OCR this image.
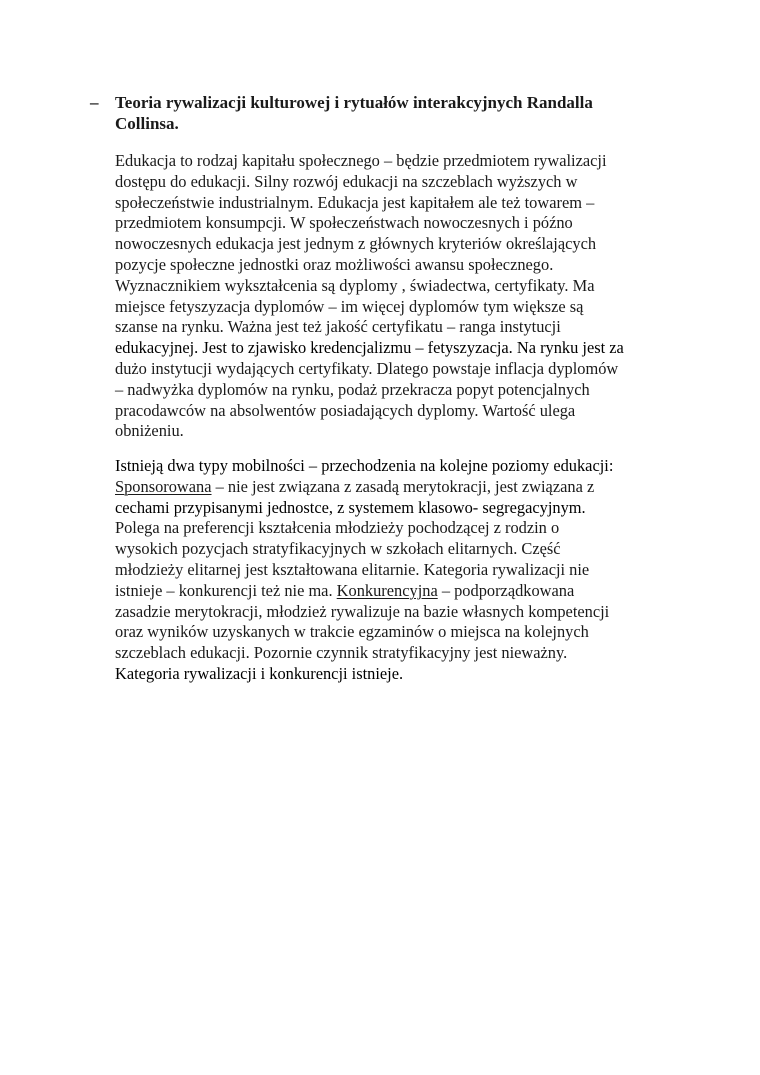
– Teoria rywalizacji kulturowej i rytuałów interakcyjnych Randalla
Collinsa.

Edukacja to rodzaj kapitału społecznego – będzie przedmiotem rywalizacji
dostępu do edukacji. Silny rozwój edukacji na szczeblach wyższych w
społeczeństwie industrialnym. Edukacja jest kapitałem ale też towarem –
przedmiotem konsumpcji. W społeczeństwach nowoczesnych i późno
nowoczesnych edukacja jest jednym z głównych kryteriów określających
pozycje społeczne jednostki oraz możliwości awansu społecznego.
Wyznacznikiem wykształcenia są dyplomy , świadectwa, certyfikaty. Ma
miejsce fetyszyzacja dyplomów – im więcej dyplomów tym większe są
szanse na rynku. Ważna jest też jakość certyfikatu – ranga instytucji
edukacyjnej. Jest to zjawisko kredencjalizmu – fetyszyzacja. Na rynku jest za
dużo instytucji wydających certyfikaty. Dlatego powstaje inflacja dyplomów
– nadwyżka dyplomów na rynku, podaż przekracza popyt potencjalnych
pracodawców na absolwentów posiadających dyplomy. Wartość ulega
obniżeniu.

Istnieją dwa typy mobilności – przechodzenia na kolejne poziomy edukacji:
Sponsorowana – nie jest związana z zasadą merytokracji, jest związana z
cechami przypisanymi jednostce, z systemem klasowo- segregacyjnym.
Polega na preferencji kształcenia młodzieży pochodzącej z rodzin o
wysokich pozycjach stratyfikacyjnych w szkołach elitarnych. Część
młodzieży elitarnej jest kształtowana elitarnie. Kategoria rywalizacji nie
istnieje – konkurencji też nie ma. Konkurencyjna – podporządkowana
zasadzie merytokracji, młodzież rywalizuje na bazie własnych kompetencji
oraz wyników uzyskanych w trakcie egzaminów o miejsca na kolejnych
szczeblach edukacji. Pozornie czynnik stratyfikacyjny jest nieważny.
Kategoria rywalizacji i konkurencji istnieje.
